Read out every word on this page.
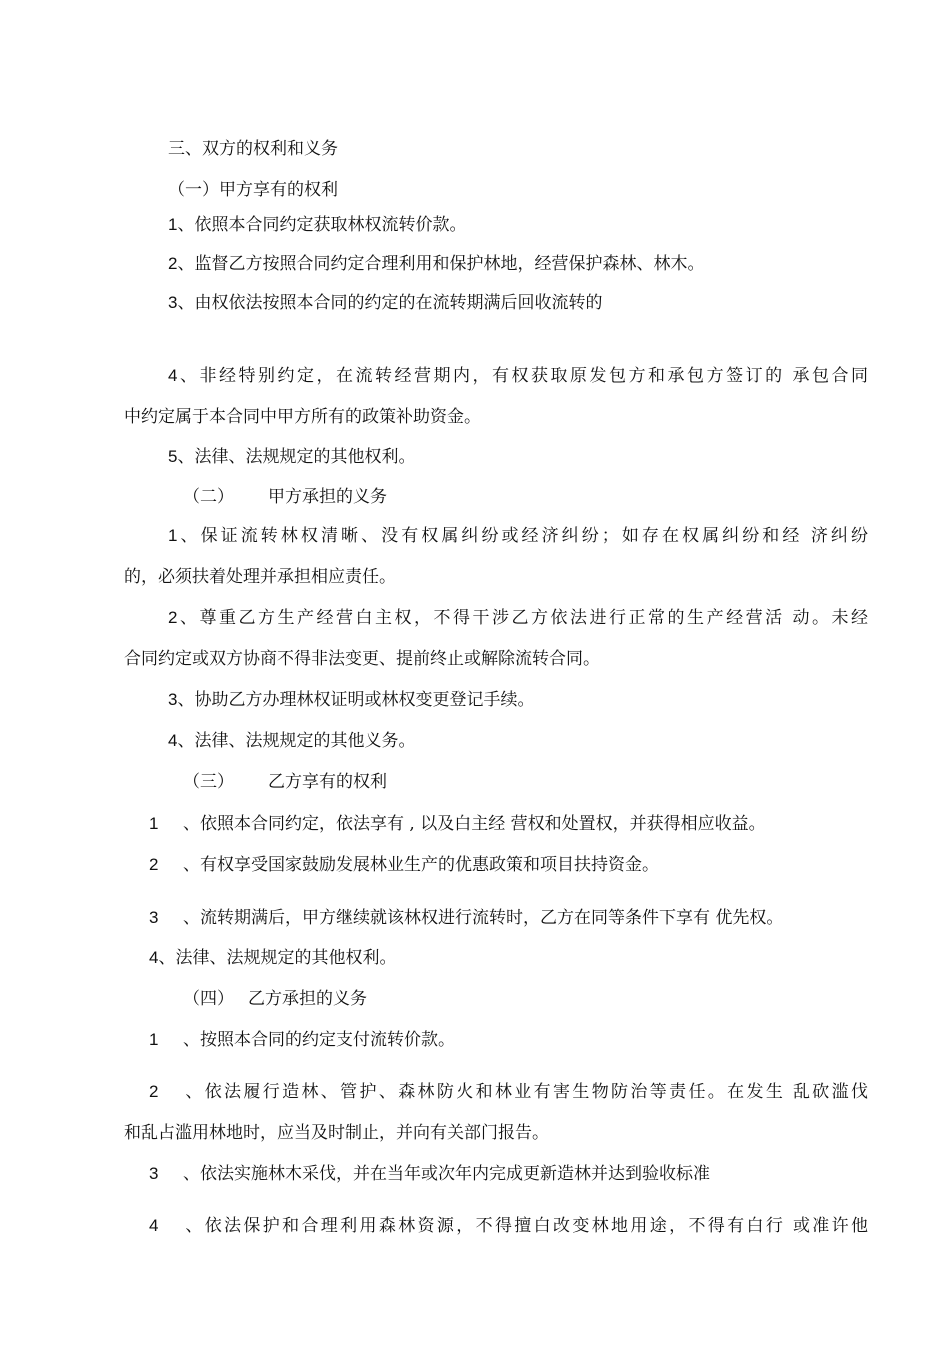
三、双方的权利和义务

（一）甲方享有的权利

1、依照本合同约定获取林权流转价款。

2、监督乙方按照合同约定合理利用和保护林地，经营保护森林、林木。

3、由权依法按照本合同的约定的在流转期满后回收流转的

4、非经特别约定，在流转经营期内，有权获取原发包方和承包方签订的 承包合同

中约定属于本合同中甲方所有的政策补助资金。

5、法律、法规规定的其他权利。

（二） 甲方承担的义务

1、保证流转林权清晰、没有权属纠纷或经济纠纷；如存在权属纠纷和经 济纠纷

的，必须扶着处理并承担相应责任。

2、尊重乙方生产经营白主权，不得干涉乙方依法进行正常的生产经营活 动。未经

合同约定或双方协商不得非法变更、提前终止或解除流转合同。

3、协助乙方办理林权证明或林权变更登记手续。

4、法律、法规规定的其他义务。

（三） 乙方享有的权利

1 、依照本合同约定，依法享有 , 以及白主经 营权和处置权，并获得相应收益。

2 、有权享受国家鼓励发展林业生产的优惠政策和项目扶持资金。

3 、流转期满后，甲方继续就该林权进行流转时，乙方在同等条件下享有 优先权。

4、法律、法规规定的其他权利。

（四） 乙方承担的义务

1 、按照本合同的约定支付流转价款。

2 、依法履行造林、管护、森林防火和林业有害生物防治等责任。在发生 乱砍滥伐

和乱占滥用林地时，应当及时制止，并向有关部门报告。

3 、依法实施林木采伐，并在当年或次年内完成更新造林并达到验收标准

4 、依法保护和合理利用森林资源，不得擅白改变林地用途，不得有白行 或准许他
